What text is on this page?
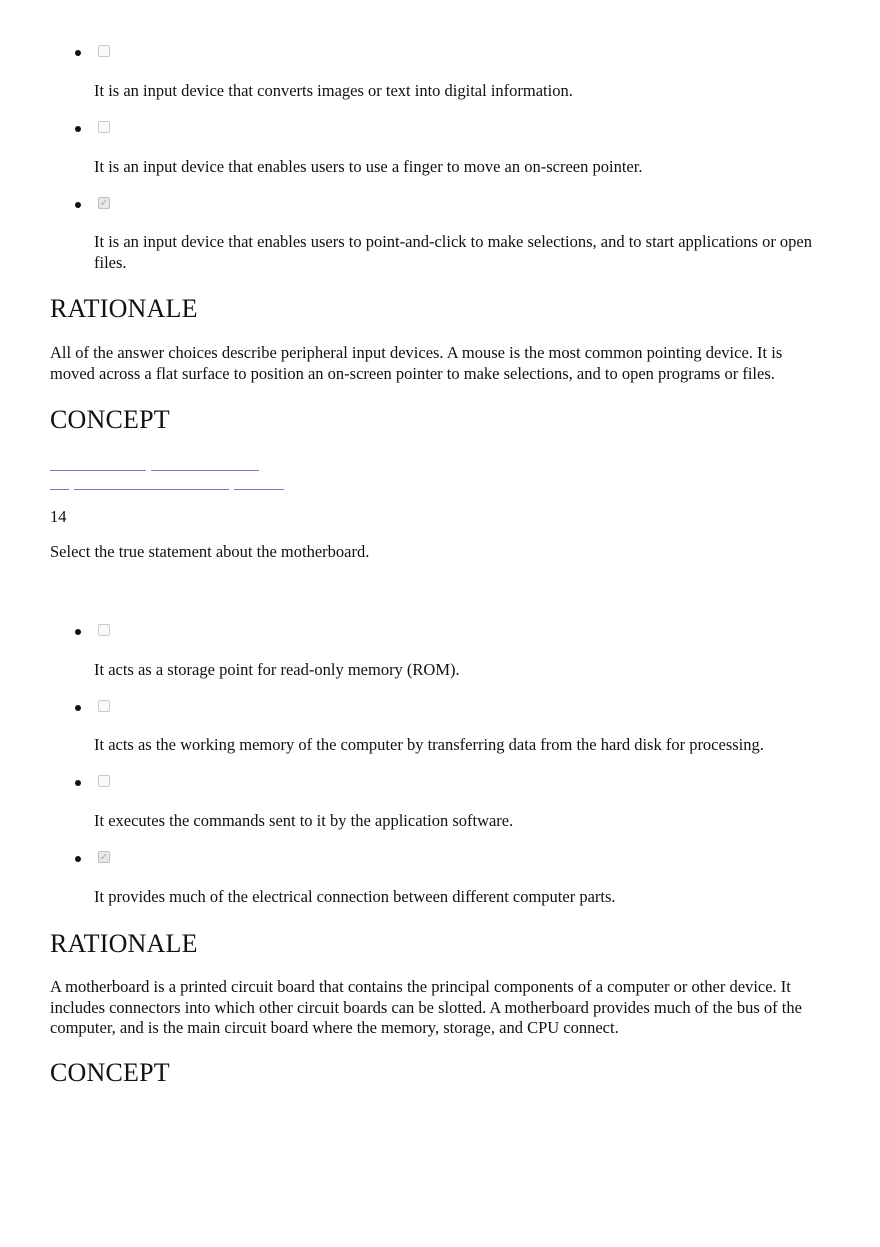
It is an input device that converts images or text into digital information.
It is an input device that enables users to use a finger to move an on-screen pointer.
✓
It is an input device that enables users to point-and-click to make selections, and to start applications or open files.
RATIONALE
All of the answer choices describe peripheral input devices. A mouse is the most common pointing device. It is moved across a flat surface to position an on-screen pointer to make selections, and to open programs or files.
CONCEPT
14
Select the true statement about the motherboard.
It acts as a storage point for read-only memory (ROM).
It acts as the working memory of the computer by transferring data from the hard disk for processing.
It executes the commands sent to it by the application software.
✓
It provides much of the electrical connection between different computer parts.
RATIONALE
A motherboard is a printed circuit board that contains the principal components of a computer or other device. It includes connectors into which other circuit boards can be slotted. A motherboard provides much of the bus of the computer, and is the main circuit board where the memory, storage, and CPU connect.
CONCEPT
